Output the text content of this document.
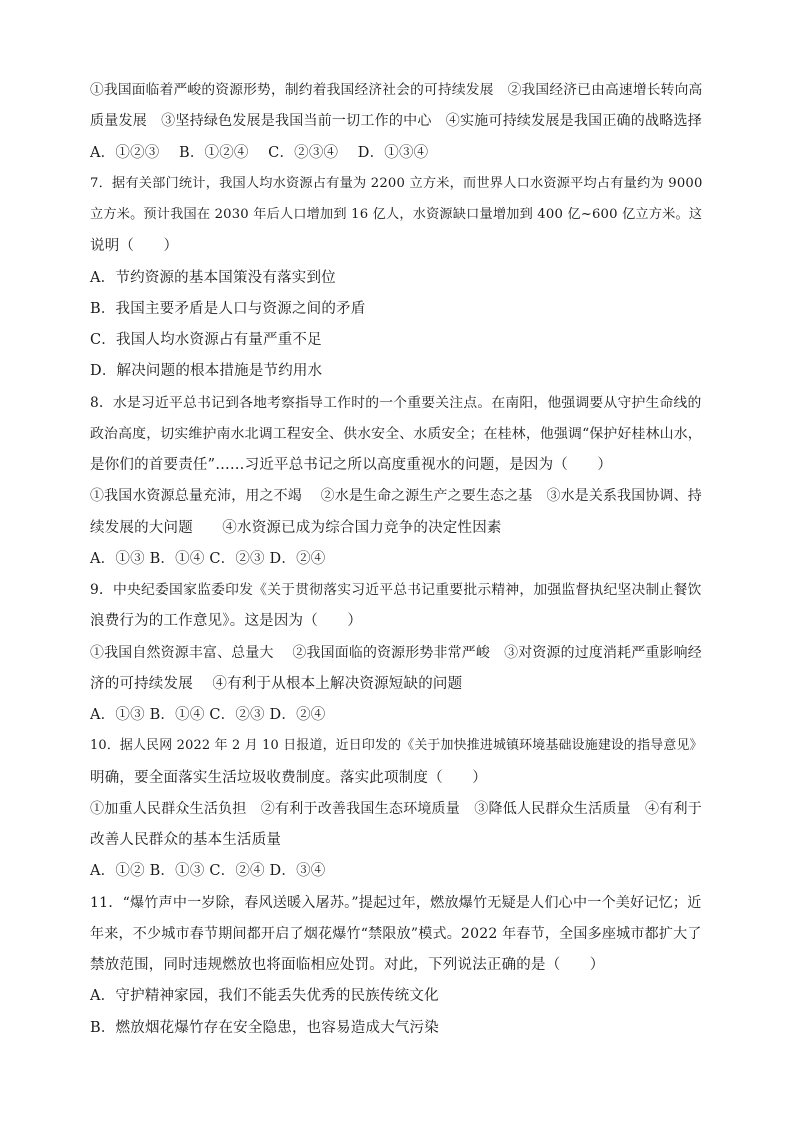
①我国面临着严峻的资源形势，制约着我国经济社会的可持续发展　②我国经济已由高速增长转向高
质量发展　③坚持绿色发展是我国当前一切工作的中心　④实施可持续发展是我国正确的战略选择
A．①②③　 B．①②④　 C．②③④　 D．①③④
7．据有关部门统计，我国人均水资源占有量为 2200 立方米，而世界人口水资源平均占有量约为 9000
立方米。预计我国在 2030 年后人口增加到 16 亿人，水资源缺口量增加到 400 亿~600 亿立方米。这
说明（　　）
A．节约资源的基本国策没有落实到位
B．我国主要矛盾是人口与资源之间的矛盾
C．我国人均水资源占有量严重不足
D．解决问题的根本措施是节约用水
8．水是习近平总书记到各地考察指导工作时的一个重要关注点。在南阳，他强调要从守护生命线的
政治高度，切实维护南水北调工程安全、供水安全、水质安全；在桂林，他强调“保护好桂林山水，
是你们的首要责任”……习近平总书记之所以高度重视水的问题，是因为（　　）
①我国水资源总量充沛，用之不竭　 ②水是生命之源生产之要生态之基　③水是关系我国协调、持
续发展的大问题　　④水资源已成为综合国力竞争的决定性因素
A．①③ B．①④ C．②③ D．②④
9．中央纪委国家监委印发《关于贯彻落实习近平总书记重要批示精神，加强监督执纪坚决制止餐饮
浪费行为的工作意见》。这是因为（　　）
①我国自然资源丰富、总量大　 ②我国面临的资源形势非常严峻　③对资源的过度消耗严重影响经
济的可持续发展　 ④有利于从根本上解决资源短缺的问题
A．①③ B．①④ C．②③ D．②④
10．据人民网 2022 年 2 月 10 日报道，近日印发的《关于加快推进城镇环境基础设施建设的指导意见》
明确，要全面落实生活垃圾收费制度。落实此项制度（　　）
①加重人民群众生活负担　②有利于改善我国生态环境质量　③降低人民群众生活质量　④有利于
改善人民群众的基本生活质量
A．①② B．①③ C．②④ D．③④
11．“爆竹声中一岁除，春风送暖入屠苏。”提起过年，燃放爆竹无疑是人们心中一个美好记忆；近
年来，不少城市春节期间都开启了烟花爆竹“禁限放”模式。2022 年春节，全国多座城市都扩大了
禁放范围，同时违规燃放也将面临相应处罚。对此，下列说法正确的是（　　）
A．守护精神家园，我们不能丢失优秀的民族传统文化
B．燃放烟花爆竹存在安全隐患，也容易造成大气污染
